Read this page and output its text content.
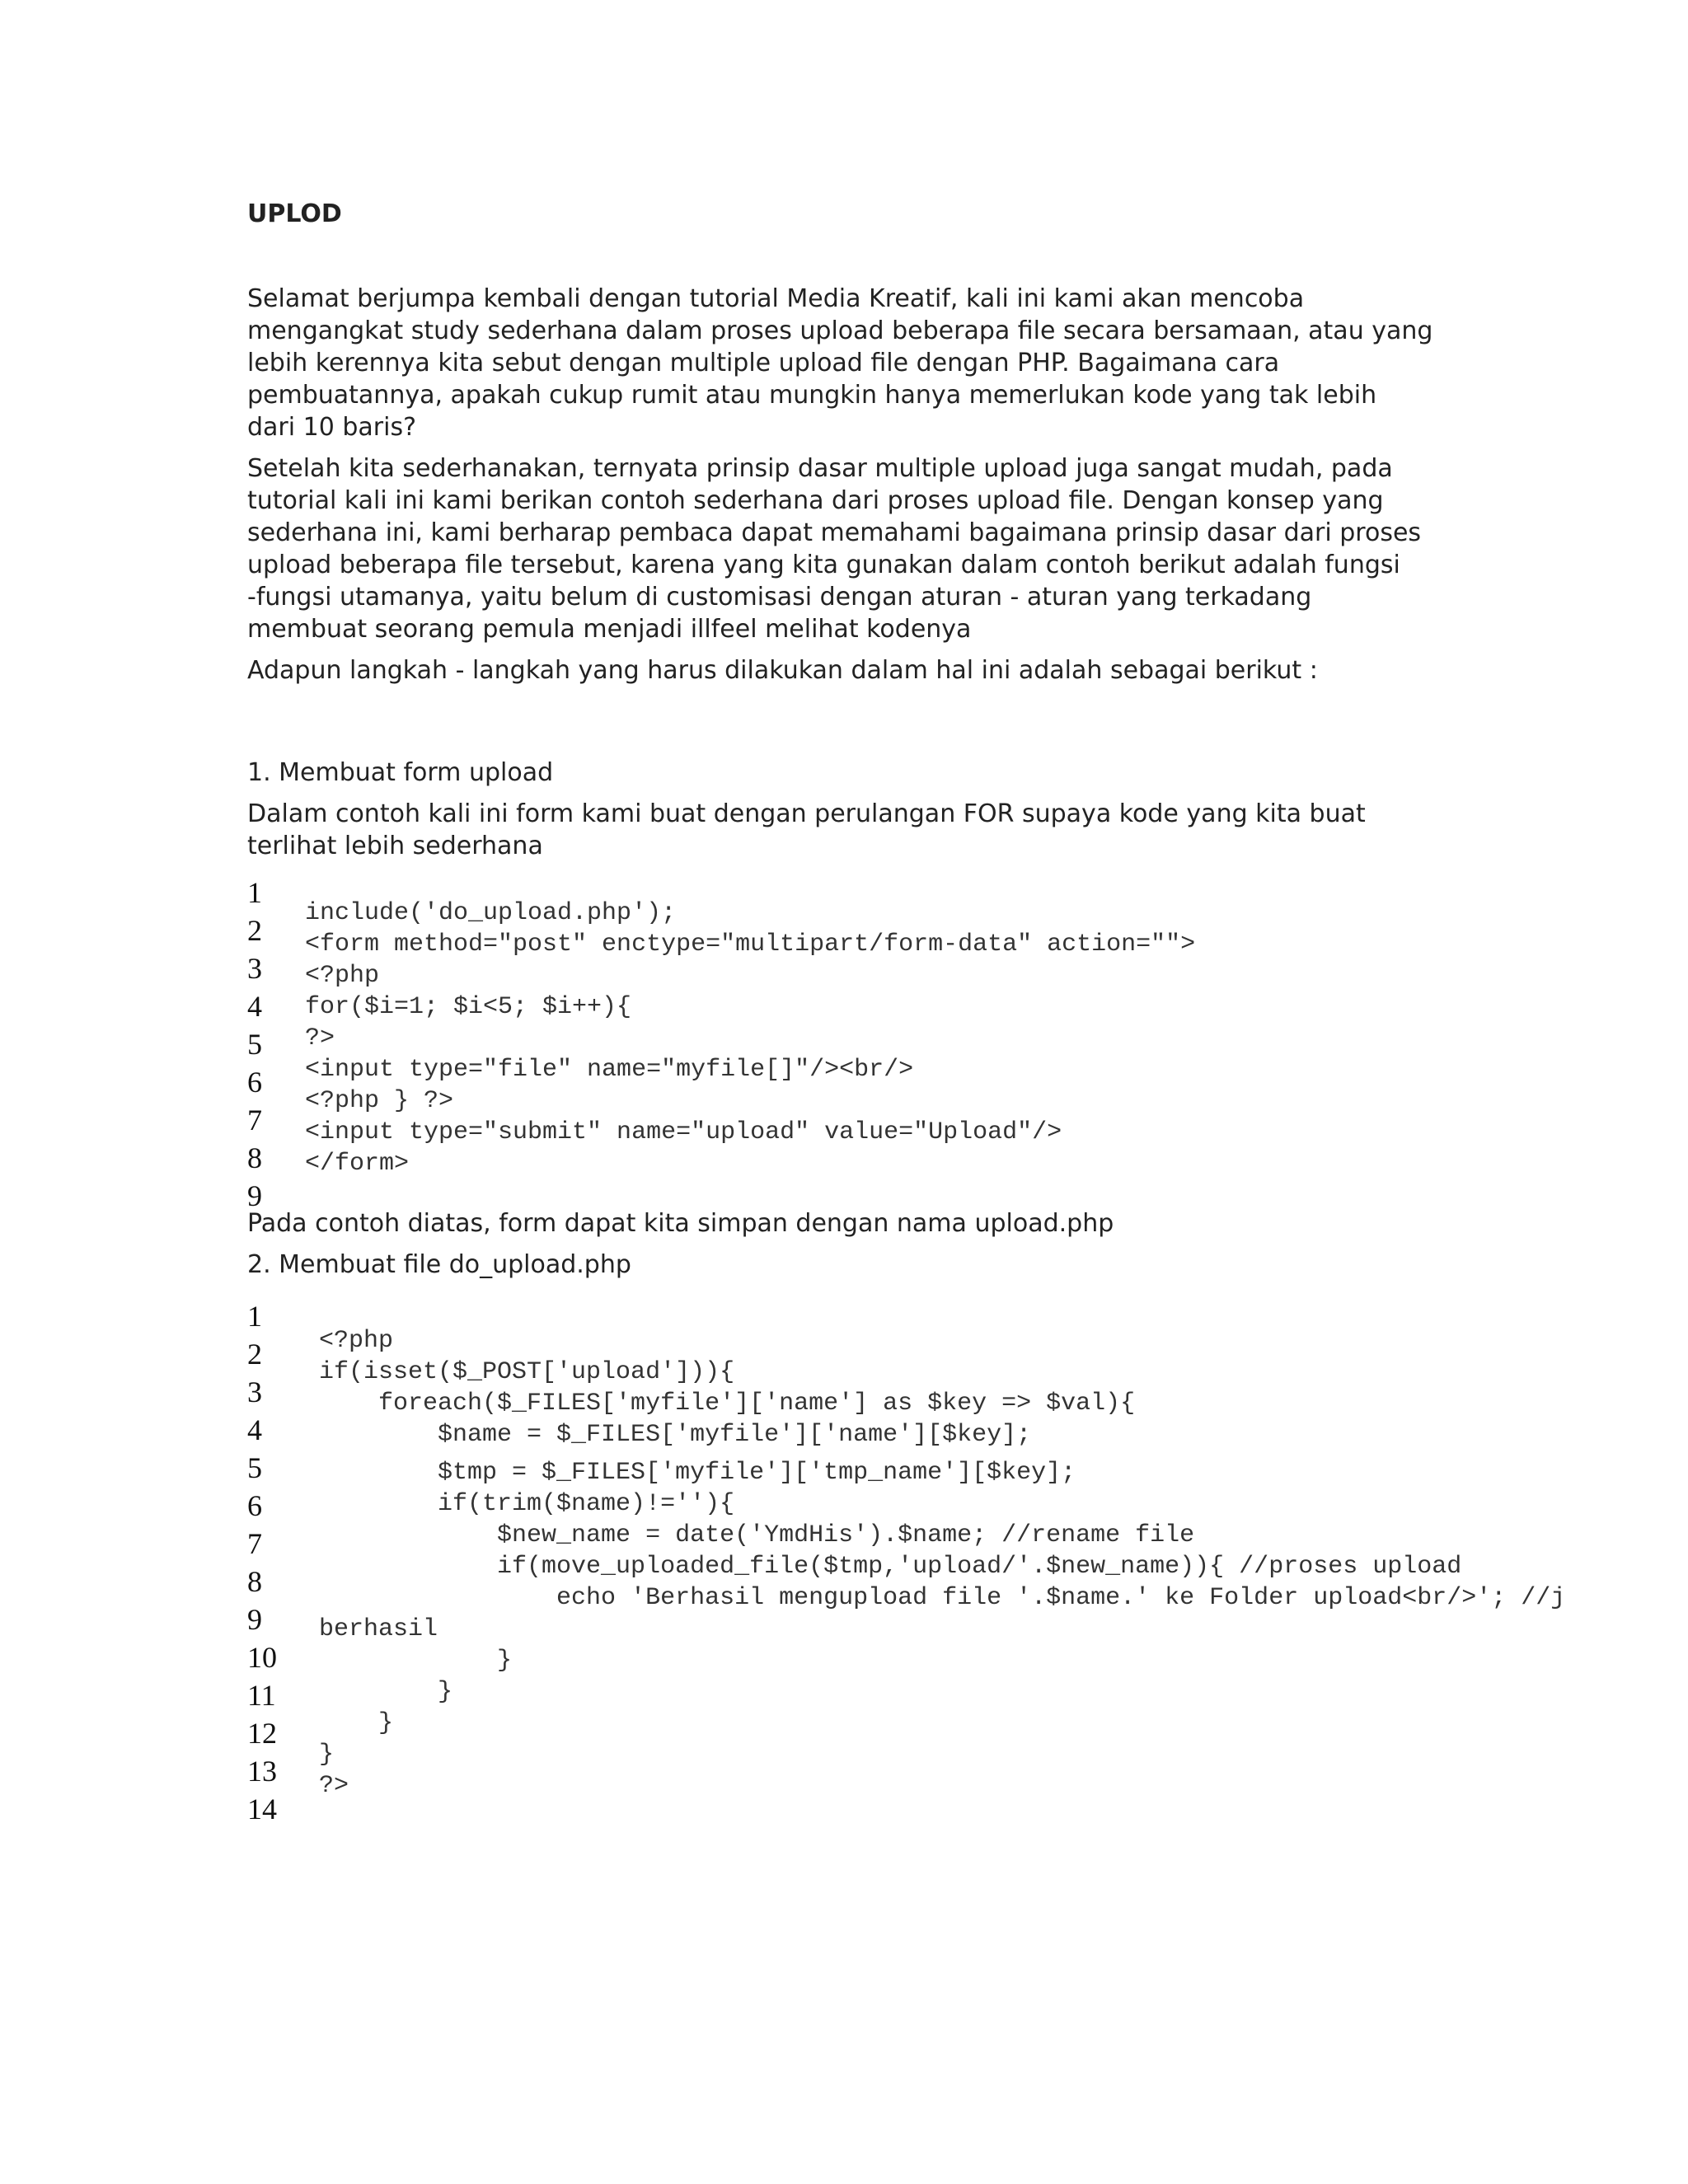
UPLOD

Selamat berjumpa kembali dengan tutorial Media Kreatif, kali ini kami akan mencoba
mengangkat study sederhana dalam proses upload beberapa file secara bersamaan, atau yang
lebih kerennya kita sebut dengan multiple upload file dengan PHP. Bagaimana cara
pembuatannya, apakah cukup rumit atau mungkin hanya memerlukan kode yang tak lebih
dari 10 baris?

Setelah kita sederhanakan, ternyata prinsip dasar multiple upload juga sangat mudah, pada
tutorial kali ini kami berikan contoh sederhana dari proses upload file. Dengan konsep yang
sederhana ini, kami berharap pembaca dapat memahami bagaimana prinsip dasar dari proses
upload beberapa file tersebut, karena yang kita gunakan dalam contoh berikut adalah fungsi
-fungsi utamanya, yaitu belum di customisasi dengan aturan - aturan yang terkadang
membuat seorang pemula menjadi illfeel melihat kodenya

Adapun langkah - langkah yang harus dilakukan dalam hal ini adalah sebagai berikut :

1. Membuat form upload

Dalam contoh kali ini form kami buat dengan perulangan FOR supaya kode yang kita buat
terlihat lebih sederhana

1
2
3
4
5
6
7
8
9
include('do_upload.php');
<form method="post" enctype="multipart/form-data" action="">
<?php
for($i=1; $i<5; $i++){
?>
<input type="file" name="myfile[]"/><br/>
<?php } ?>
<input type="submit" name="upload" value="Upload"/>
</form>

Pada contoh diatas, form dapat kita simpan dengan nama upload.php

2. Membuat file do_upload.php

1
2
3
4
5
6
7
8
9
10
11
12
13
14
<?php
if(isset($_POST['upload'])){
foreach($_FILES['myfile']['name'] as $key => $val){
$name = $_FILES['myfile']['name'][$key];
$tmp = $_FILES['myfile']['tmp_name'][$key];
if(trim($name)!=''){
$new_name = date('YmdHis').$name; //rename file
if(move_uploaded_file($tmp,'upload/'.$new_name)){ //proses upload
echo 'Berhasil mengupload file '.$name.' ke Folder upload<br/>'; //j
berhasil
}
}
}
}
?>
